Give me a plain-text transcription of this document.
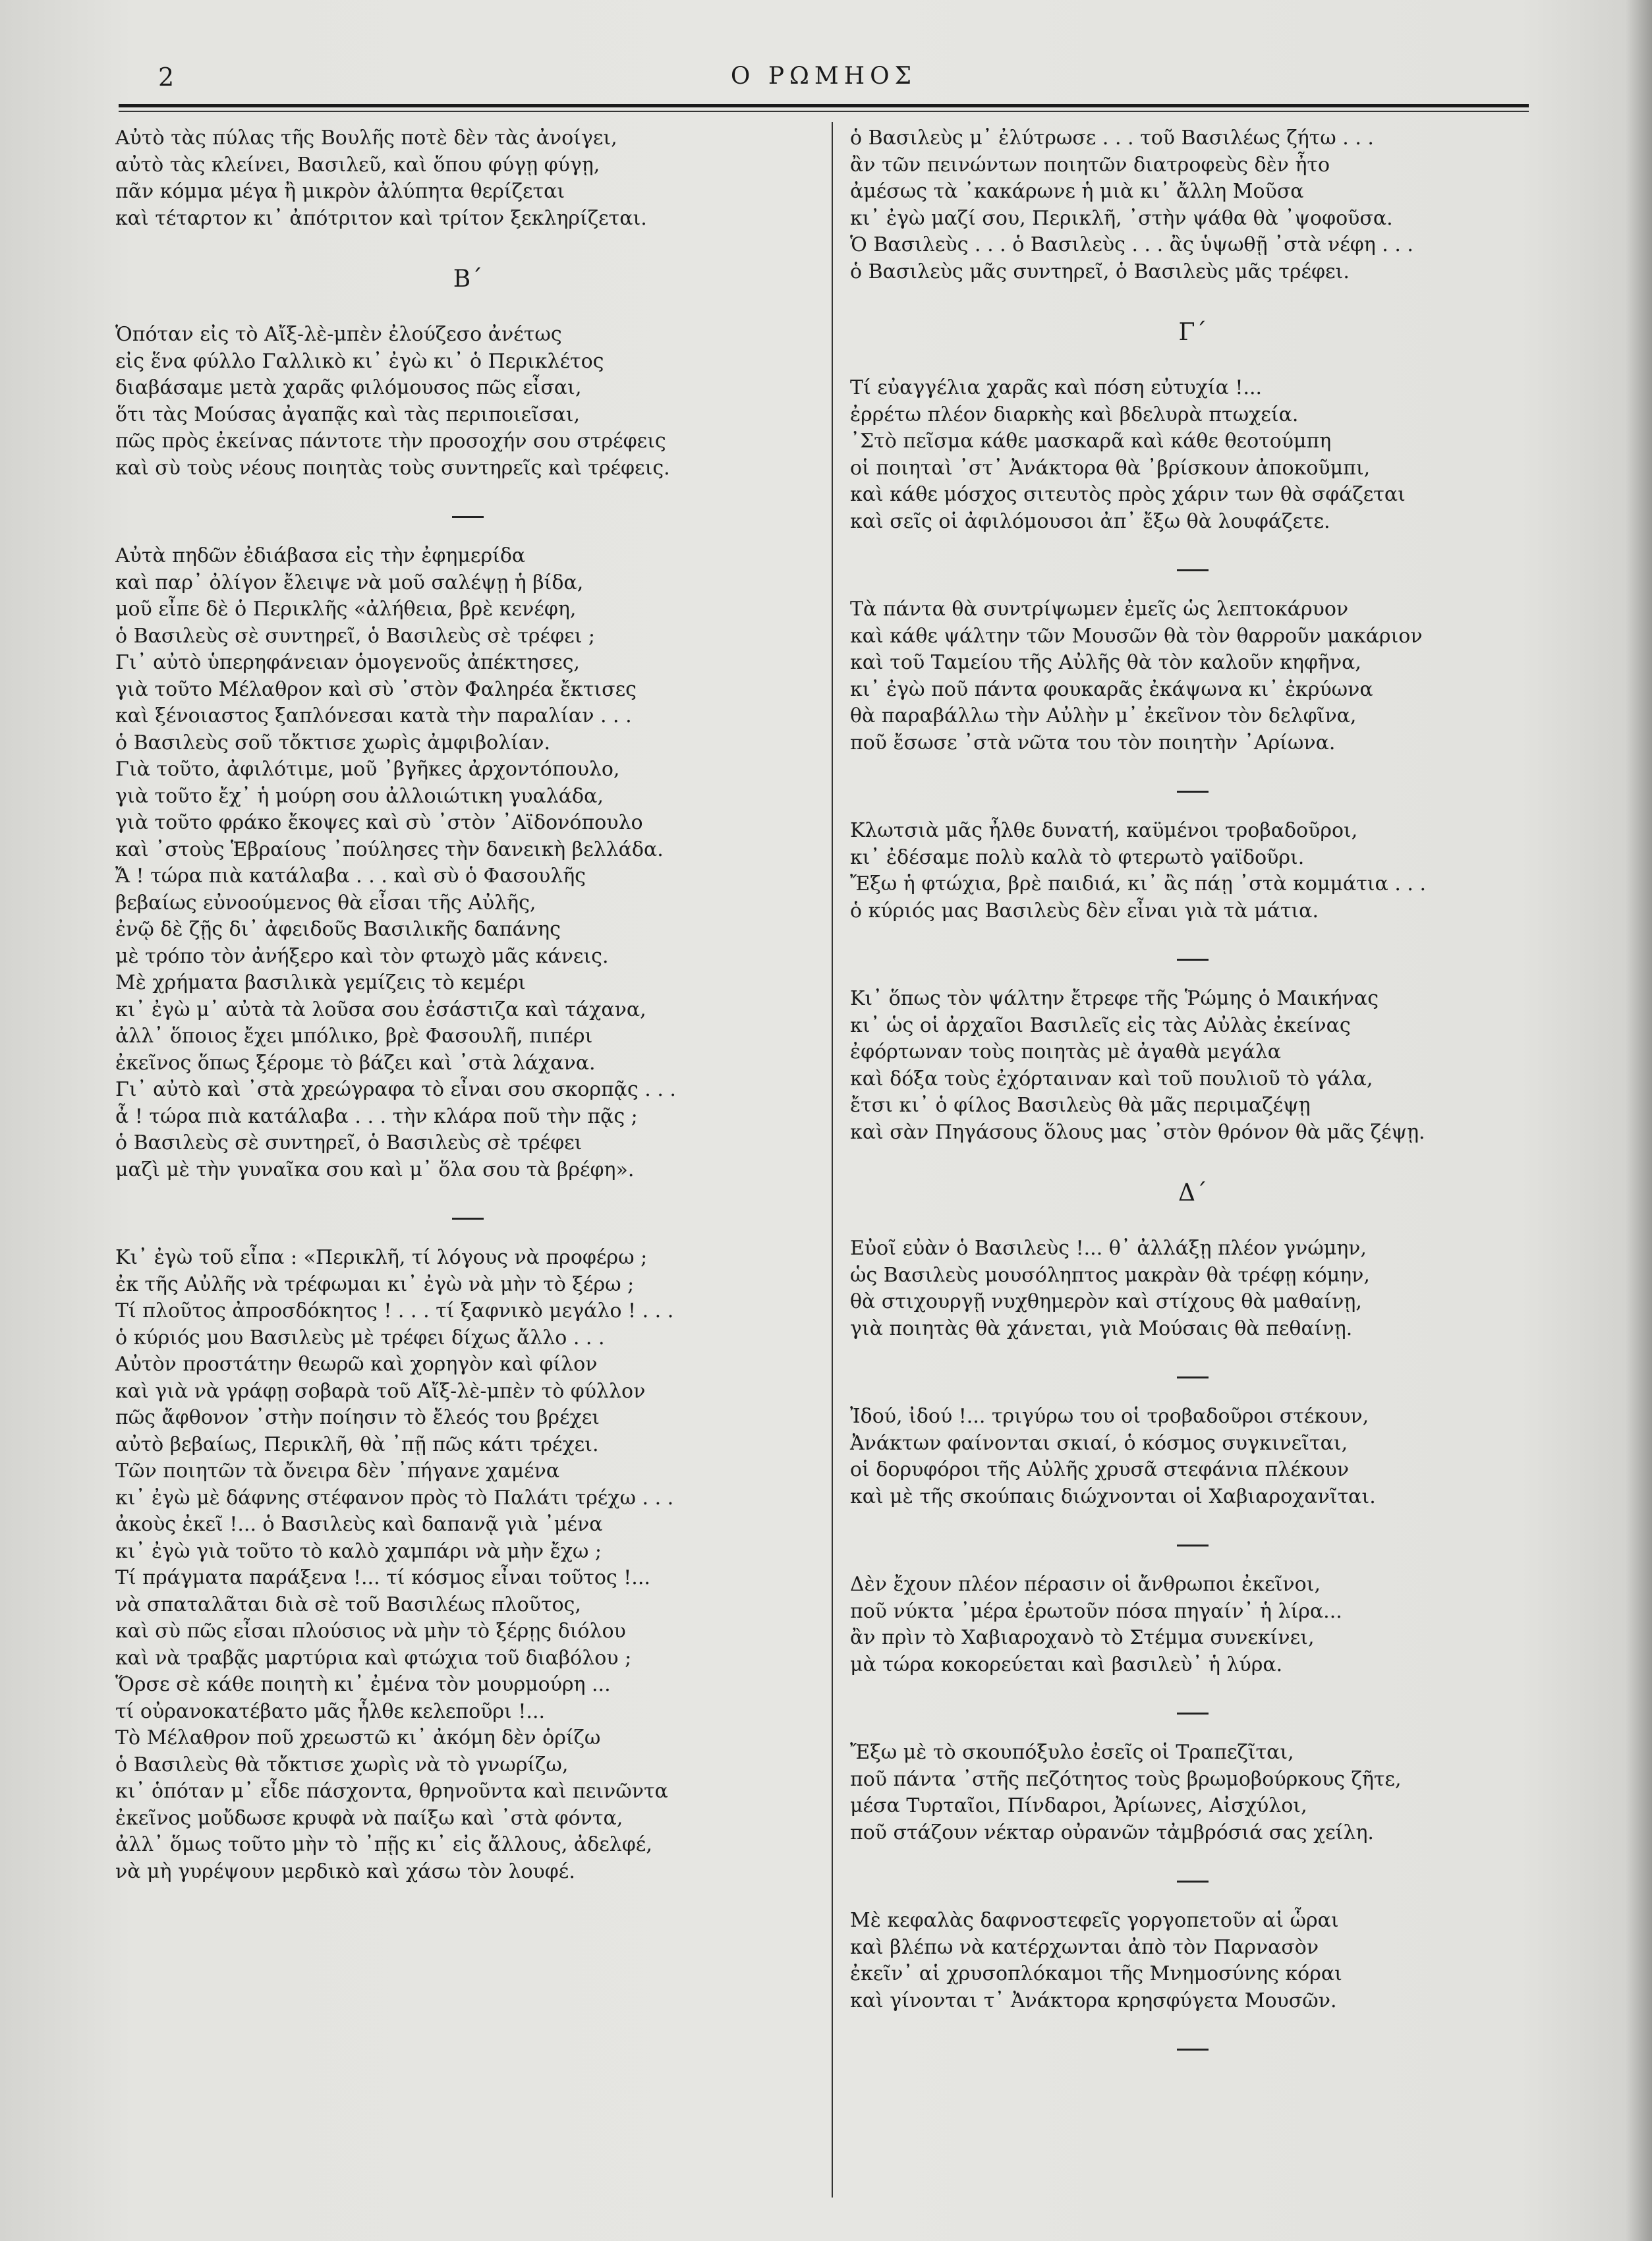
2	Ο ΡΩΜΗΟΣ
Αὐτὸ τὰς πύλας τῆς Βουλῆς ποτὲ δὲν τὰς ἀνοίγει,
αὐτὸ τὰς κλείνει, Βασιλεῦ, καὶ ὅπου φύγῃ φύγῃ,
πᾶν κόμμα μέγα ἢ μικρὸν ἀλύπητα θερίζεται
καὶ τέταρτον κι᾽ ἀπότριτον καὶ τρίτον ξεκληρίζεται.
Β΄
Ὁπόταν εἰς τὸ Αἴξ-λὲ-μπὲν ἐλούζεσο ἀνέτως
εἰς ἕνα φύλλο Γαλλικὸ κι᾽ ἐγὼ κι᾽ ὁ Περικλέτος
διαβάσαμε μετὰ χαρᾶς φιλόμουσος πῶς εἶσαι,
ὅτι τὰς Μούσας ἀγαπᾷς καὶ τὰς περιποιεῖσαι,
πῶς πρὸς ἐκείνας πάντοτε τὴν προσοχήν σου στρέφεις
καὶ σὺ τοὺς νέους ποιητὰς τοὺς συντηρεῖς καὶ τρέφεις.
Αὐτὰ πηδῶν ἐδιάβασα εἰς τὴν ἐφημερίδα
καὶ παρ᾽ ὀλίγον ἔλειψε νὰ μοῦ σαλέψῃ ἡ βίδα,
μοῦ εἶπε δὲ ὁ Περικλῆς «ἀλήθεια, βρὲ κενέφη,
ὁ Βασιλεὺς σὲ συντηρεῖ, ὁ Βασιλεὺς σὲ τρέφει ;
Γι᾽ αὐτὸ ὑπερηφάνειαν ὁμογενοῦς ἀπέκτησες,
γιὰ τοῦτο Μέλαθρον καὶ σὺ ᾽στὸν Φαληρέα ἔκτισες
καὶ ξένοιαστος ξαπλόνεσαι κατὰ τὴν παραλίαν . . .
ὁ Βασιλεὺς σοῦ τὄκτισε χωρὶς ἀμφιβολίαν.
Γιὰ τοῦτο, ἀφιλότιμε, μοῦ ᾽βγῆκες ἀρχοντόπουλο,
γιὰ τοῦτο ἔχ᾽ ἡ μούρη σου ἀλλοιώτικη γυαλάδα,
γιὰ τοῦτο φράκο ἔκοψες καὶ σὺ ᾽στὸν ᾽Αϊδονόπουλο
καὶ ᾽στοὺς Ἑβραίους ᾽πούλησες τὴν δανεικὴ βελλάδα.
Ἄ ! τώρα πιὰ κατάλαβα . . . καὶ σὺ ὁ Φασουλῆς
βεβαίως εὐνοούμενος θὰ εἶσαι τῆς Αὐλῆς,
ἐνῷ δὲ ζῇς δι᾽ ἀφειδοῦς Βασιλικῆς δαπάνης
μὲ τρόπο τὸν ἀνήξερο καὶ τὸν φτωχὸ μᾶς κάνεις.
Μὲ χρήματα βασιλικὰ γεμίζεις τὸ κεμέρι
κι᾽ ἐγὼ μ᾽ αὐτὰ τὰ λοῦσα σου ἐσάστιζα καὶ τάχανα,
ἀλλ᾽ ὅποιος ἔχει μπόλικο, βρὲ Φασουλῆ, πιπέρι
ἐκεῖνος ὅπως ξέρομε τὸ βάζει καὶ ᾽στὰ λάχανα.
Γι᾽ αὐτὸ καὶ ᾽στὰ χρεώγραφα τὸ εἶναι σου σκορπᾷς . . .
ἆ ! τώρα πιὰ κατάλαβα . . . τὴν κλάρα ποῦ τὴν πᾷς ;
ὁ Βασιλεὺς σὲ συντηρεῖ, ὁ Βασιλεὺς σὲ τρέφει
μαζὶ μὲ τὴν γυναῖκα σου καὶ μ᾽ ὅλα σου τὰ βρέφη».
Κι᾽ ἐγὼ τοῦ εἶπα : «Περικλῆ, τί λόγους νὰ προφέρω ;
ἐκ τῆς Αὐλῆς νὰ τρέφωμαι κι᾽ ἐγὼ νὰ μὴν τὸ ξέρω ;
Τί πλοῦτος ἀπροσδόκητος ! . . . τί ξαφνικὸ μεγάλο ! . . .
ὁ κύριός μου Βασιλεὺς μὲ τρέφει δίχως ἄλλο . . .
Αὐτὸν προστάτην θεωρῶ καὶ χορηγὸν καὶ φίλον
καὶ γιὰ νὰ γράφῃ σοβαρὰ τοῦ Αἴξ-λὲ-μπὲν τὸ φύλλον
πῶς ἄφθονον ᾽στὴν ποίησιν τὸ ἔλεός του βρέχει
αὐτὸ βεβαίως, Περικλῆ, θὰ ᾽πῇ πῶς κάτι τρέχει.
Τῶν ποιητῶν τὰ ὄνειρα δὲν ᾽πήγανε χαμένα
κι᾽ ἐγὼ μὲ δάφνης στέφανον πρὸς τὸ Παλάτι τρέχω . . .
ἀκοὺς ἐκεῖ !... ὁ Βασιλεὺς καὶ δαπανᾷ γιὰ ᾽μένα
κι᾽ ἐγὼ γιὰ τοῦτο τὸ καλὸ χαμπάρι νὰ μὴν ἔχω ;
Τί πράγματα παράξενα !... τί κόσμος εἶναι τοῦτος !...
νὰ σπαταλᾶται διὰ σὲ τοῦ Βασιλέως πλοῦτος,
καὶ σὺ πῶς εἶσαι πλούσιος νὰ μὴν τὸ ξέρῃς διόλου
καὶ νὰ τραβᾷς μαρτύρια καὶ φτώχια τοῦ διαβόλου ;
Ὅρσε σὲ κάθε ποιητὴ κι᾽ ἐμένα τὸν μουρμούρη ...
τί οὐρανοκατέβατο μᾶς ἦλθε κελεποῦρι !...
Τὸ Μέλαθρον ποῦ χρεωστῶ κι᾽ ἀκόμη δὲν ὁρίζω
ὁ Βασιλεὺς θὰ τὄκτισε χωρὶς νὰ τὸ γνωρίζω,
κι᾽ ὁπόταν μ᾽ εἶδε πάσχοντα, θρηνοῦντα καὶ πεινῶντα
ἐκεῖνος μοὔδωσε κρυφὰ νὰ παίξω καὶ ᾽στὰ φόντα,
ἀλλ᾽ ὅμως τοῦτο μὴν τὸ ᾽πῇς κι᾽ εἰς ἄλλους, ἀδελφέ,
νὰ μὴ γυρέψουν μερδικὸ καὶ χάσω τὸν λουφέ.
ὁ Βασιλεὺς μ᾽ ἐλύτρωσε . . . τοῦ Βασιλέως ζήτω . . .
ἂν τῶν πεινώντων ποιητῶν διατροφεὺς δὲν ἦτο
ἀμέσως τὰ ᾽κακάρωνε ἡ μιὰ κι᾽ ἄλλη Μοῦσα
κι᾽ ἐγὼ μαζί σου, Περικλῆ, ᾽στὴν ψάθα θὰ ᾽ψοφοῦσα.
Ὁ Βασιλεὺς . . . ὁ Βασιλεὺς . . . ἂς ὑψωθῇ ᾽στὰ νέφη . . .
ὁ Βασιλεὺς μᾶς συντηρεῖ, ὁ Βασιλεὺς μᾶς τρέφει.
Γ΄
Τί εὐαγγέλια χαρᾶς καὶ πόση εὐτυχία !...
ἐρρέτω πλέον διαρκὴς καὶ βδελυρὰ πτωχεία.
᾽Στὸ πεῖσμα κάθε μασκαρᾶ καὶ κάθε θεοτούμπη
οἱ ποιηταὶ ᾽στ᾽ Ἀνάκτορα θὰ ᾽βρίσκουν ἀποκοῦμπι,
καὶ κάθε μόσχος σιτευτὸς πρὸς χάριν των θὰ σφάζεται
καὶ σεῖς οἱ ἀφιλόμουσοι ἀπ᾽ ἔξω θὰ λουφάζετε.
Τὰ πάντα θὰ συντρίψωμεν ἐμεῖς ὡς λεπτοκάρυον
καὶ κάθε ψάλτην τῶν Μουσῶν θὰ τὸν θαρροῦν μακάριον
καὶ τοῦ Ταμείου τῆς Αὐλῆς θὰ τὸν καλοῦν κηφῆνα,
κι᾽ ἐγὼ ποῦ πάντα φουκαρᾶς ἐκάψωνα κι᾽ ἐκρύωνα
θὰ παραβάλλω τὴν Αὐλὴν μ᾽ ἐκεῖνον τὸν δελφῖνα,
ποῦ ἔσωσε ᾽στὰ νῶτα του τὸν ποιητὴν ᾽Αρίωνα.
Κλωτσιὰ μᾶς ἦλθε δυνατή, καϋμένοι τροβαδοῦροι,
κι᾽ ἐδέσαμε πολὺ καλὰ τὸ φτερωτὸ γαϊδοῦρι.
Ἔξω ἡ φτώχια, βρὲ παιδιά, κι᾽ ἂς πάῃ ᾽στὰ κομμάτια . . .
ὁ κύριός μας Βασιλεὺς δὲν εἶναι γιὰ τὰ μάτια.
Κι᾽ ὅπως τὸν ψάλτην ἔτρεφε τῆς Ῥώμης ὁ Μαικήνας
κι᾽ ὡς οἱ ἀρχαῖοι Βασιλεῖς εἰς τὰς Αὐλὰς ἐκείνας
ἐφόρτωναν τοὺς ποιητὰς μὲ ἀγαθὰ μεγάλα
καὶ δόξα τοὺς ἐχόρταιναν καὶ τοῦ πουλιοῦ τὸ γάλα,
ἔτσι κι᾽ ὁ φίλος Βασιλεὺς θὰ μᾶς περιμαζέψῃ
καὶ σὰν Πηγάσους ὅλους μας ᾽στὸν θρόνον θὰ μᾶς ζέψῃ.
Δ΄
Εὐοῖ εὐὰν ὁ Βασιλεὺς !... θ᾽ ἀλλάξῃ πλέον γνώμην,
ὡς Βασιλεὺς μουσόληπτος μακρὰν θὰ τρέφῃ κόμην,
θὰ στιχουργῇ νυχθημερὸν καὶ στίχους θὰ μαθαίνῃ,
γιὰ ποιητὰς θὰ χάνεται, γιὰ Μούσαις θὰ πεθαίνῃ.
Ἰδού, ἰδού !... τριγύρω του οἱ τροβαδοῦροι στέκουν,
Ἀνάκτων φαίνονται σκιαί, ὁ κόσμος συγκινεῖται,
οἱ δορυφόροι τῆς Αὐλῆς χρυσᾶ στεφάνια πλέκουν
καὶ μὲ τῆς σκούπαις διώχνονται οἱ Χαβιαροχανῖται.
Δὲν ἔχουν πλέον πέρασιν οἱ ἄνθρωποι ἐκεῖνοι,
ποῦ νύκτα ᾽μέρα ἐρωτοῦν πόσα πηγαίν᾽ ἡ λίρα...
ἂν πρὶν τὸ Χαβιαροχανὸ τὸ Στέμμα συνεκίνει,
μὰ τώρα κοκορεύεται καὶ βασιλεὺ᾽ ἡ λύρα.
Ἔξω μὲ τὸ σκουπόξυλο ἐσεῖς οἱ Τραπεζῖται,
ποῦ πάντα ᾽στῆς πεζότητος τοὺς βρωμοβούρκους ζῆτε,
μέσα Τυρταῖοι, Πίνδαροι, Ἀρίωνες, Αἰσχύλοι,
ποῦ στάζουν νέκταρ οὐρανῶν τἀμβρόσιά σας χείλη.
Μὲ κεφαλὰς δαφνοστεφεῖς γοργοπετοῦν αἱ ὧραι
καὶ βλέπω νὰ κατέρχωνται ἀπὸ τὸν Παρνασὸν
ἐκεῖν᾽ αἱ χρυσοπλόκαμοι τῆς Μνημοσύνης κόραι
καὶ γίνονται τ᾽ Ἀνάκτορα κρησφύγετα Μουσῶν.
